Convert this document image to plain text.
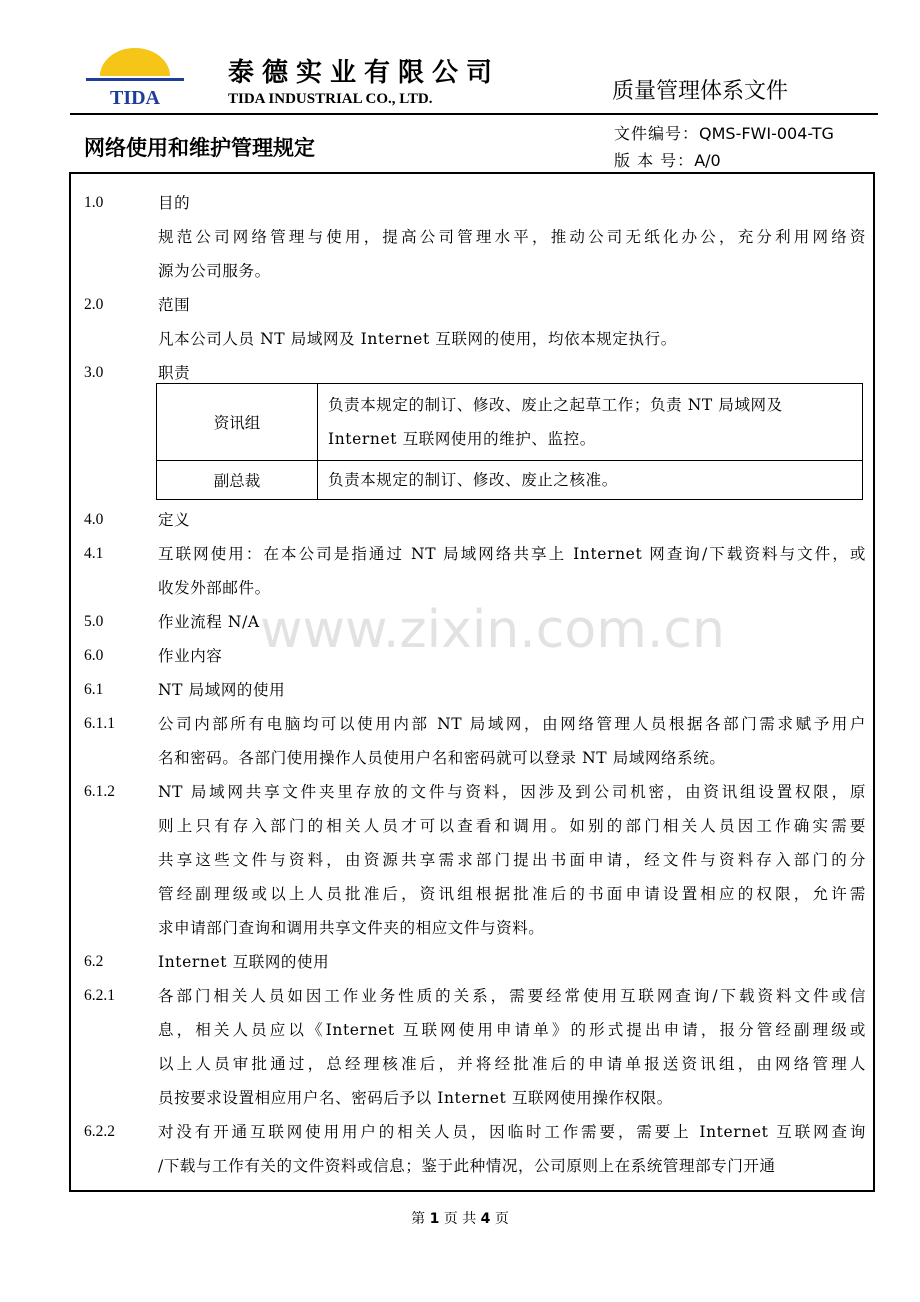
TIDA
泰德实业有限公司
TIDA INDUSTRIAL CO., LTD.	质量管理体系文件
网络使用和维护管理规定
文件编号：QMS-FWI-004-TG
版 本 号：A/0
1.0	目的
规范公司网络管理与使用，提高公司管理水平，推动公司无纸化办公，充分利用网络资
源为公司服务。
2.0	范围
凡本公司人员 NT 局域网及 Internet 互联网的使用，均依本规定执行。
3.0	职责
4.0	定义
4.1	互联网使用：在本公司是指通过 NT 局域网络共享上 Internet 网查询/下载资料与文件，或
收发外部邮件。
5.0	作业流程 N/A
6.0	作业内容
6.1	NT 局域网的使用
6.1.1	公司内部所有电脑均可以使用内部 NT 局域网，由网络管理人员根据各部门需求赋予用户
名和密码。各部门使用操作人员使用户名和密码就可以登录 NT 局域网络系统。
6.1.2	NT 局域网共享文件夹里存放的文件与资料，因涉及到公司机密，由资讯组设置权限，原
则上只有存入部门的相关人员才可以查看和调用。如别的部门相关人员因工作确实需要
共享这些文件与资料，由资源共享需求部门提出书面申请，经文件与资料存入部门的分
管经副理级或以上人员批准后，资讯组根据批准后的书面申请设置相应的权限，允许需
求申请部门查询和调用共享文件夹的相应文件与资料。
6.2	Internet 互联网的使用
6.2.1	各部门相关人员如因工作业务性质的关系，需要经常使用互联网查询/下载资料文件或信
息，相关人员应以《Internet 互联网使用申请单》的形式提出申请，报分管经副理级或
以上人员审批通过，总经理核准后，并将经批准后的申请单报送资讯组，由网络管理人
员按要求设置相应用户名、密码后予以 Internet 互联网使用操作权限。
6.2.2	对没有开通互联网使用用户的相关人员，因临时工作需要，需要上 Internet 互联网查询
/下载与工作有关的文件资料或信息；鉴于此种情况，公司原则上在系统管理部专门开通
资讯组	负责本规定的制订、修改、废止之起草工作；负责 NT 局域网及
Internet 互联网使用的维护、监控。

副总裁	负责本规定的制订、修改、废止之核准。
www.zixin.com.cn
第 1 页 共 4 页
